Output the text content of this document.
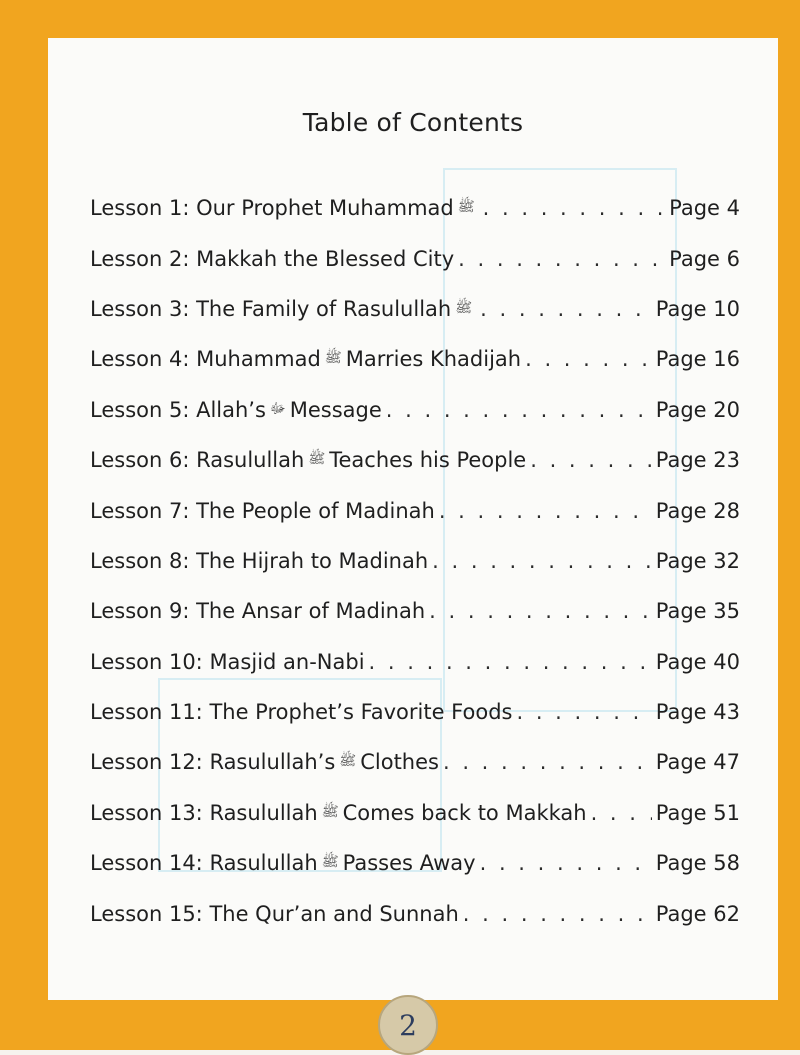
Table of Contents
Lesson 1: Our Prophet Muhammad ﷺ . . .	Page 4
Lesson 2: Makkah the Blessed City . . .	Page 6
Lesson 3: The Family of Rasulullah ﷺ . . .	Page 10
Lesson 4: Muhammad ﷺ Marries Khadijah . . .	Page 16
Lesson 5: Allah’s ﷻ Message . . .	Page 20
Lesson 6: Rasulullah ﷺ Teaches his People . . .	Page 23
Lesson 7: The People of Madinah . . .	Page 28
Lesson 8: The Hijrah to Madinah . . .	Page 32
Lesson 9: The Ansar of Madinah . . .	Page 35
Lesson 10: Masjid an-Nabi . . .	Page 40
Lesson 11: The Prophet’s Favorite Foods . . .	Page 43
Lesson 12: Rasulullah’s ﷺ Clothes . . .	Page 47
Lesson 13: Rasulullah ﷺ Comes back to Makkah . . .	Page 51
Lesson 14: Rasulullah ﷺ Passes Away . . .	Page 58
Lesson 15: The Qur’an and Sunnah . . .	Page 62
2
